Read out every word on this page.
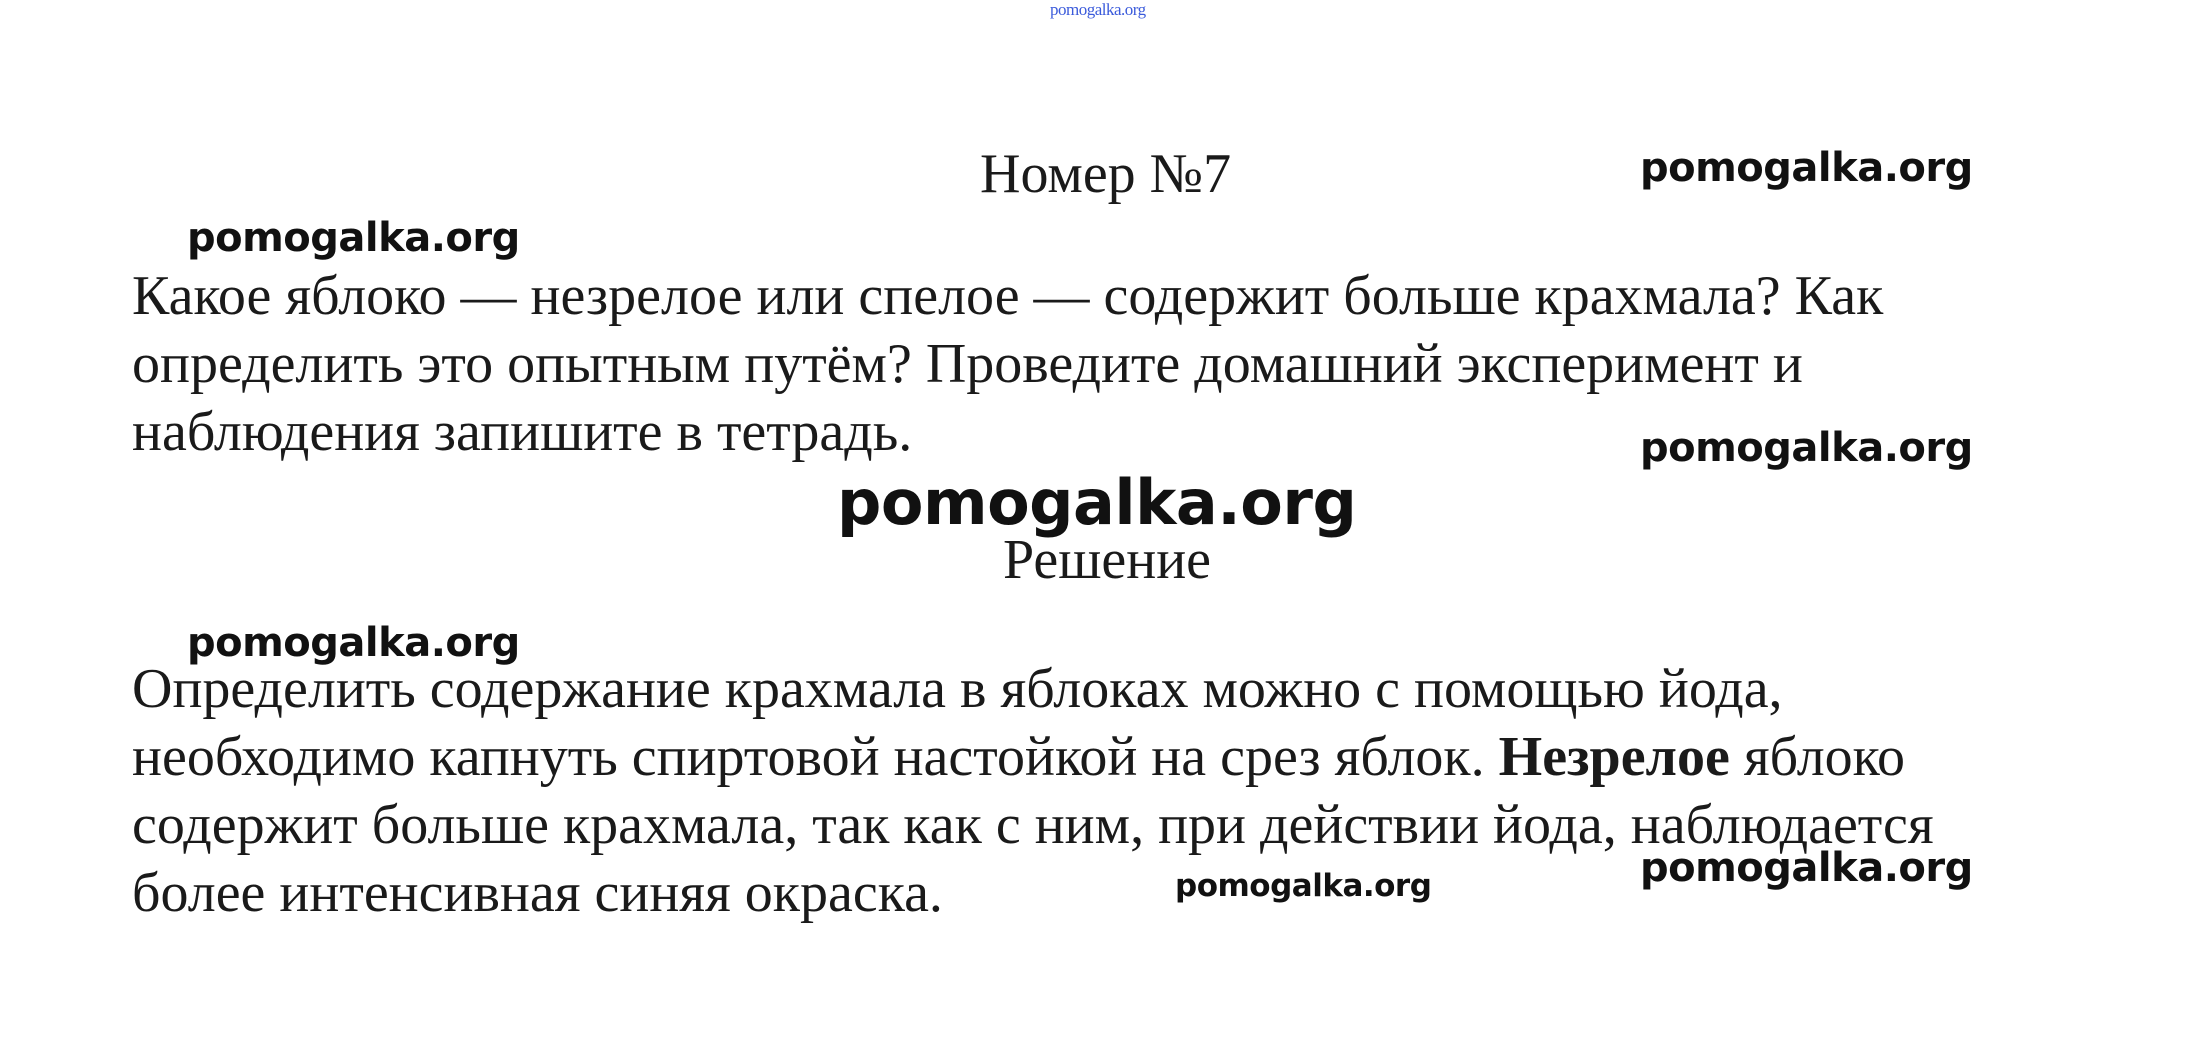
pomogalka.org
Номер №7	pomogalka.org
pomogalka.org

Какое яблоко — незрелое или спелое — содержит больше крахмала? Как
определить это опытным путём? Проведите домашний эксперимент и
наблюдения запишите в тетрадь.	pomogalka.org
pomogalka.org
Решение
pomogalka.org

Определить содержание крахмала в яблоках можно с помощью йода,
необходимо капнуть спиртовой настойкой на срез яблок. Незрелое яблоко
содержит больше крахмала, так как с ним, при действии йода, наблюдается
более интенсивная синяя окраска.	pomogalka.org
pomogalka.org
